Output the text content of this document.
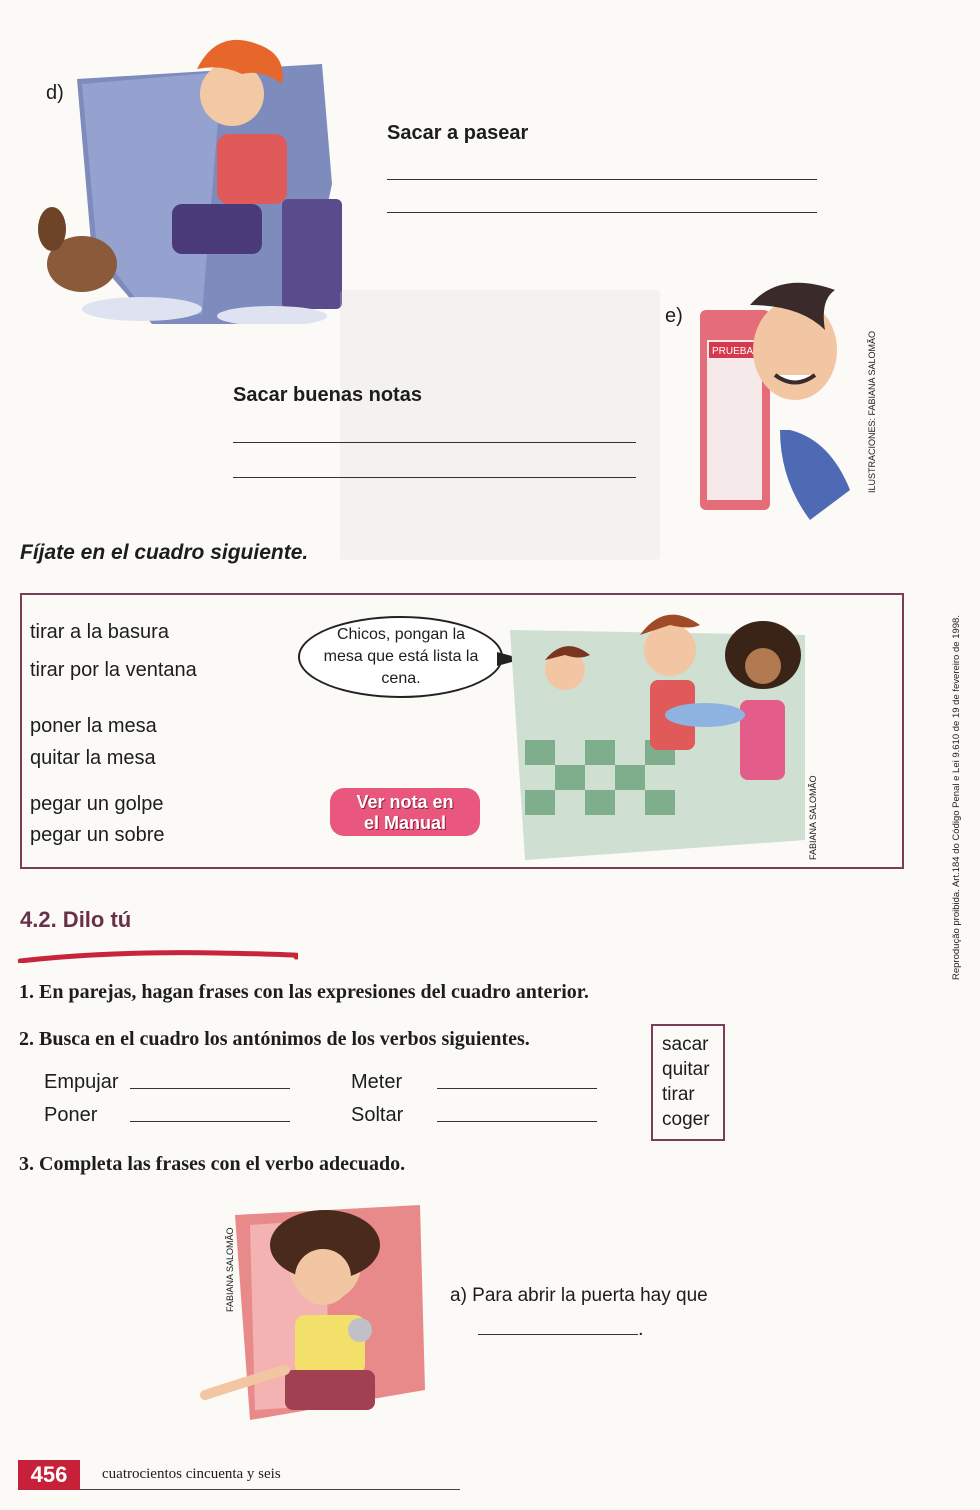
d)
Sacar a pasear
e)
PRUEBA	ILUSTRACIONES: FABIANA SALOMÃO
Sacar buenas notas
Fíjate en el cuadro siguiente.
tirar a la basura
tirar por la ventana
poner la mesa
quitar la mesa
pegar un golpe
pegar un sobre
Chicos, pongan la mesa que está lista la cena.
Ver nota en
el Manual	FABIANA SALOMÃO
4.2. Dilo tú
1. En parejas, hagan frases con las expresiones del cuadro anterior.
2. Busca en el cuadro los antónimos de los verbos siguientes.
Empujar
Poner
Meter
Soltar
sacar
quitar
tirar
coger
3. Completa las frases con el verbo adecuado.
FABIANA SALOMÃO	a) Para abrir la puerta hay que
.
Reprodução proibida. Art.184 do Código Penal e Lei 9.610 de 19 de fevereiro de 1998.
456	cuatrocientos cincuenta y seis
